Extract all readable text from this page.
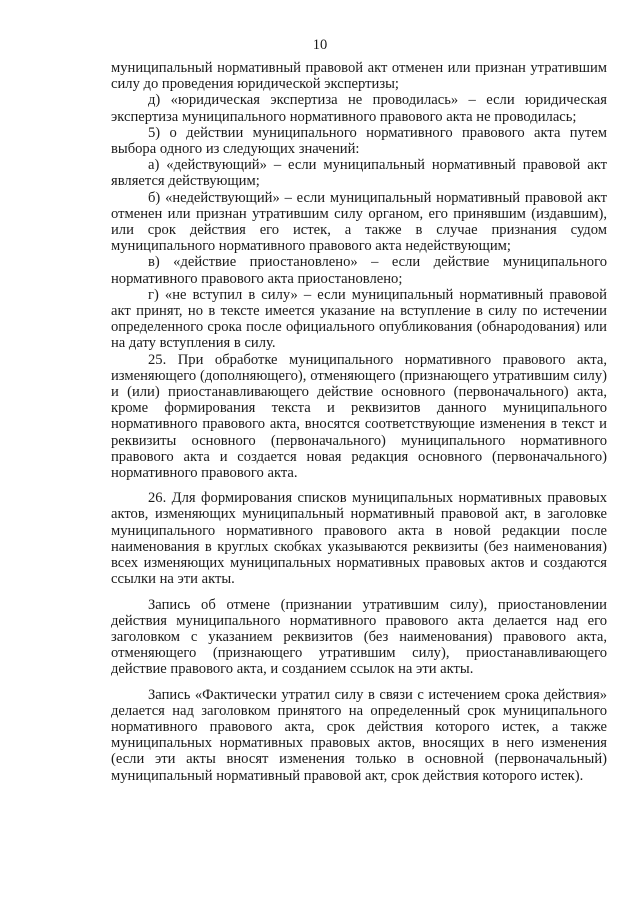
10

муниципальный нормативный правовой акт отменен или признан утратившим силу до проведения юридической экспертизы;

д) «юридическая экспертиза не проводилась» – если юридическая экспертиза муниципального нормативного правового акта не проводилась;

5) о действии муниципального нормативного правового акта путем выбора одного из следующих значений:

а) «действующий» – если муниципальный нормативный правовой акт является действующим;

б) «недействующий» – если муниципальный нормативный правовой акт отменен или признан утратившим силу органом, его принявшим (издавшим), или срок действия его истек, а также в случае признания судом муниципального нормативного правового акта недействующим;

в) «действие приостановлено» – если действие муниципального нормативного правового акта приостановлено;

г) «не вступил в силу» – если муниципальный нормативный правовой акт принят, но в тексте имеется указание на вступление в силу по истечении определенного срока после официального опубликования (обнародования) или на дату вступления в силу.

25. При обработке муниципального нормативного правового акта, изменяющего (дополняющего), отменяющего (признающего утратившим силу) и (или) приостанавливающего действие основного (первоначального) акта, кроме формирования текста и реквизитов данного муниципального нормативного правового акта, вносятся соответствующие изменения в текст и реквизиты основного (первоначального) муниципального нормативного правового акта и создается новая редакция основного (первоначального) нормативного правового акта.

26. Для формирования списков муниципальных нормативных правовых актов, изменяющих муниципальный нормативный правовой акт, в заголовке муниципального нормативного правового акта в новой редакции после наименования в круглых скобках указываются реквизиты (без наименования) всех изменяющих муниципальных нормативных правовых актов и создаются ссылки на эти акты.

Запись об отмене (признании утратившим силу), приостановлении действия муниципального нормативного правового акта делается над его заголовком с указанием реквизитов (без наименования) правового акта, отменяющего (признающего утратившим силу), приостанавливающего действие правового акта, и созданием ссылок на эти акты.

Запись «Фактически утратил силу в связи с истечением срока действия» делается над заголовком принятого на определенный срок муниципального нормативного правового акта, срок действия которого истек, а также муниципальных нормативных правовых актов, вносящих в него изменения (если эти акты вносят изменения только в основной (первоначальный) муниципальный нормативный правовой акт, срок действия которого истек).
